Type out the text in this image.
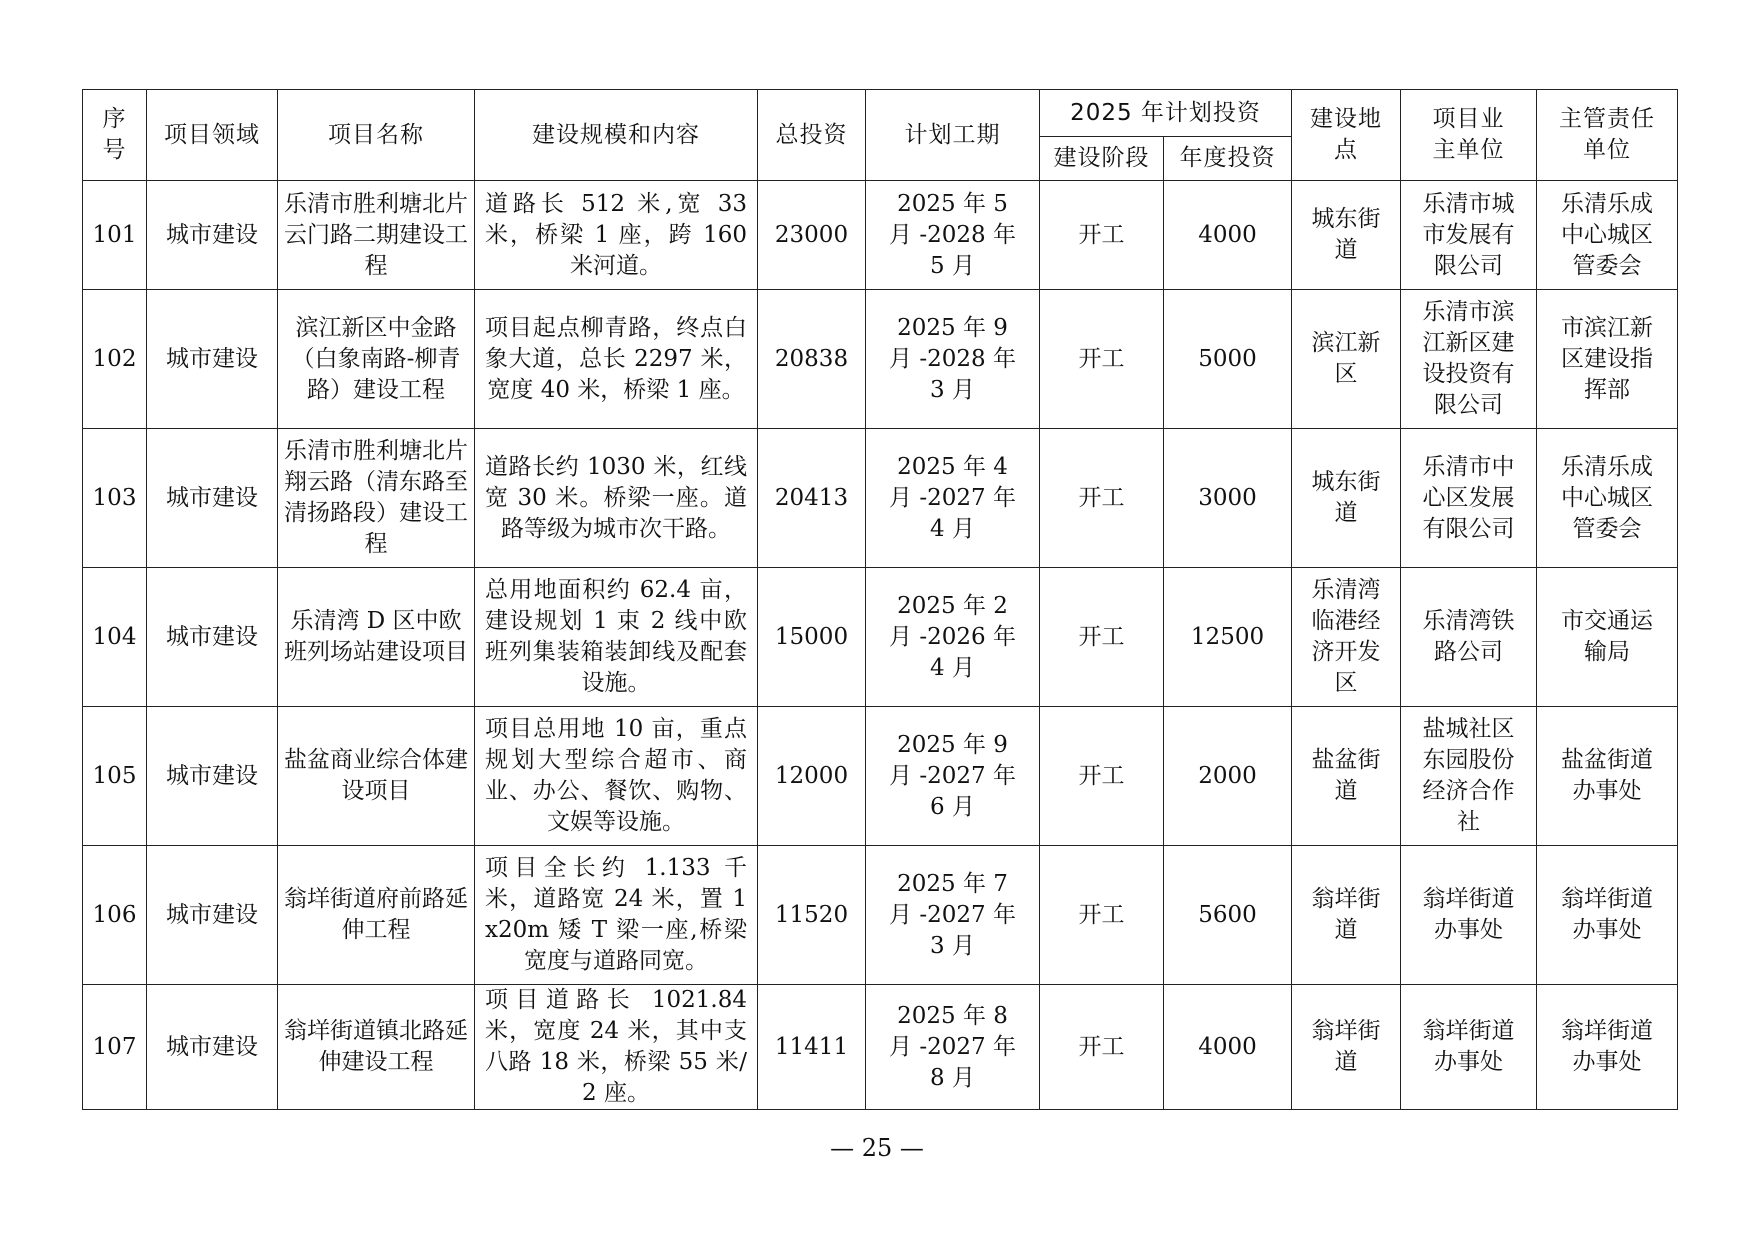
序号	项目领域	项目名称	建设规模和内容	总投资	计划工期	2025 年计划投资		建设地点	项目业主单位	主管责任单位
						建设阶段	年度投资			
101	城市建设	乐清市胜利塘北片云门路二期建设工程	道路长 512 米,宽 33 米，桥梁 1 座，跨 160 米河道。	23000	2025 年 5 月 -2028 年 5 月	开工	4000	城东街道	乐清市城市发展有限公司	乐清乐成中心城区管委会
102	城市建设	滨江新区中金路（白象南路-柳青路）建设工程	项目起点柳青路，终点白象大道，总长 2297 米，宽度 40 米，桥梁 1 座。	20838	2025 年 9 月 -2028 年 3 月	开工	5000	滨江新区	乐清市滨江新区建设投资有限公司	市滨江新区建设指挥部
103	城市建设	乐清市胜利塘北片翔云路（清东路至清扬路段）建设工程	道路长约 1030 米，红线宽 30 米。桥梁一座。道路等级为城市次干路。	20413	2025 年 4 月 -2027 年 4 月	开工	3000	城东街道	乐清市中心区发展有限公司	乐清乐成中心城区管委会
104	城市建设	乐清湾 D 区中欧班列场站建设项目	总用地面积约 62.4 亩，建设规划 1 束 2 线中欧班列集装箱装卸线及配套设施。	15000	2025 年 2 月 -2026 年 4 月	开工	12500	乐清湾临港经济开发区	乐清湾铁路公司	市交通运输局
105	城市建设	盐盆商业综合体建设项目	项目总用地 10 亩，重点规划大型综合超市、商业、办公、餐饮、购物、文娱等设施。	12000	2025 年 9 月 -2027 年 6 月	开工	2000	盐盆街道	盐城社区东园股份经济合作社	盐盆街道办事处
106	城市建设	翁垟街道府前路延伸工程	项目全长约 1.133 千米，道路宽 24 米，置 1x20m 矮 T 梁一座,桥梁宽度与道路同宽。	11520	2025 年 7 月 -2027 年 3 月	开工	5600	翁垟街道	翁垟街道办事处	翁垟街道办事处
107	城市建设	翁垟街道镇北路延伸建设工程	项目道路长 1021.84 米，宽度 24 米，其中支八路 18 米，桥梁 55 米/2 座。	11411	2025 年 8 月 -2027 年 8 月	开工	4000	翁垟街道	翁垟街道办事处	翁垟街道办事处
— 25 —
